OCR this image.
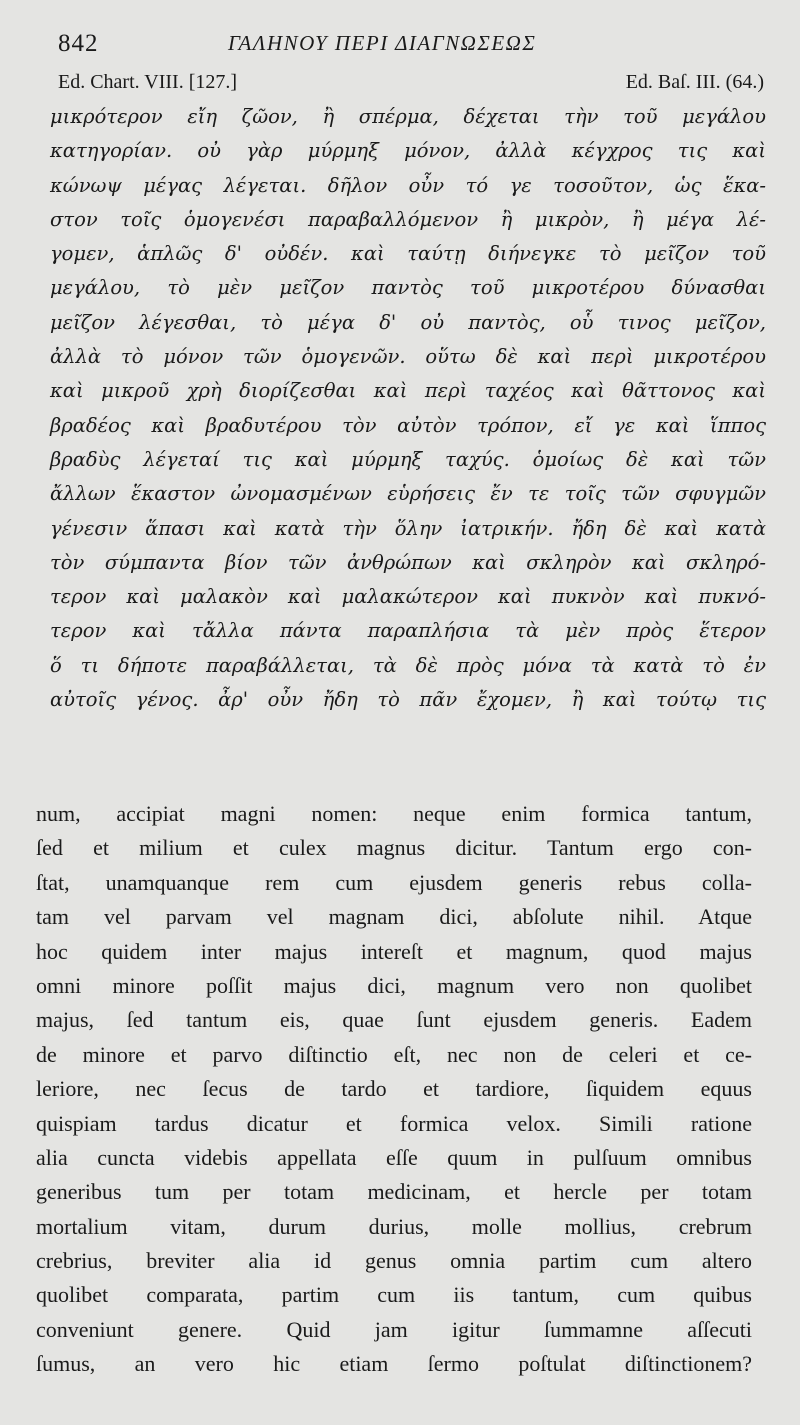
842	ΓΑΛΗΝΟΥ ΠΕΡΙ ΔΙΑΓΝΩΣΕΩΣ
Ed. Chart. VIII. [127.]	Ed. Baſ. III. (64.)
μικρότερον εἴη ζῶον, ἢ σπέρμα, δέχεται τὴν τοῦ μεγάλου
κατηγορίαν. οὐ γὰρ μύρμηξ μόνον, ἀλλὰ κέγχρος τις καὶ
κώνωψ μέγας λέγεται. δῆλον οὖν τό γε τοσοῦτον, ὡς ἕκα-
στον τοῖς ὁμογενέσι παραβαλλόμενον ἢ μικρὸν, ἢ μέγα λέ-
γομεν, ἁπλῶς δ' οὐδέν. καὶ ταύτῃ διήνεγκε τὸ μεῖζον τοῦ
μεγάλου, τὸ μὲν μεῖζον παντὸς τοῦ μικροτέρου δύνασθαι
μεῖζον λέγεσθαι, τὸ μέγα δ' οὐ παντὸς, οὗ τινος μεῖζον,
ἀλλὰ τὸ μόνον τῶν ὁμογενῶν. οὕτω δὲ καὶ περὶ μικροτέρου
καὶ μικροῦ χρὴ διορίζεσθαι καὶ περὶ ταχέος καὶ θᾶττονος καὶ
βραδέος καὶ βραδυτέρου τὸν αὐτὸν τρόπον, εἴ γε καὶ ἵππος
βραδὺς λέγεταί τις καὶ μύρμηξ ταχύς. ὁμοίως δὲ καὶ τῶν
ἄλλων ἕκαστον ὠνομασμένων εὑρήσεις ἔν τε τοῖς τῶν σφυγμῶν
γένεσιν ἅπασι καὶ κατὰ τὴν ὅλην ἰατρικήν. ἤδη δὲ καὶ κατὰ
τὸν σύμπαντα βίον τῶν ἀνθρώπων καὶ σκληρὸν καὶ σκληρό-
τερον καὶ μαλακὸν καὶ μαλακώτερον καὶ πυκνὸν καὶ πυκνό-
τερον καὶ τἄλλα πάντα παραπλήσια τὰ μὲν πρὸς ἕτερον
ὅ τι δήποτε παραβάλλεται, τὰ δὲ πρὸς μόνα τὰ κατὰ τὸ ἐν
αὐτοῖς γένος. ἆρ' οὖν ἤδη τὸ πᾶν ἔχομεν, ἢ καὶ τούτῳ τις
num, accipiat magni nomen: neque enim formica tantum,
ſed et milium et culex magnus dicitur. Tantum ergo con-
ſtat, unamquanque rem cum ejusdem generis rebus colla-
tam vel parvam vel magnam dici, abſolute nihil. Atque
hoc quidem inter majus intereſt et magnum, quod majus
omni minore poſſit majus dici, magnum vero non quolibet
majus, ſed tantum eis, quae ſunt ejusdem generis. Eadem
de minore et parvo diſtinctio eſt, nec non de celeri et ce-
leriore, nec ſecus de tardo et tardiore, ſiquidem equus
quispiam tardus dicatur et formica velox. Simili ratione
alia cuncta videbis appellata eſſe quum in pulſuum omnibus
generibus tum per totam medicinam, et hercle per totam
mortalium vitam, durum durius, molle mollius, crebrum
crebrius, breviter alia id genus omnia partim cum altero
quolibet comparata, partim cum iis tantum, cum quibus
conveniunt genere. Quid jam igitur ſummamne aſſecuti
ſumus, an vero hic etiam ſermo poſtulat diſtinctionem?
